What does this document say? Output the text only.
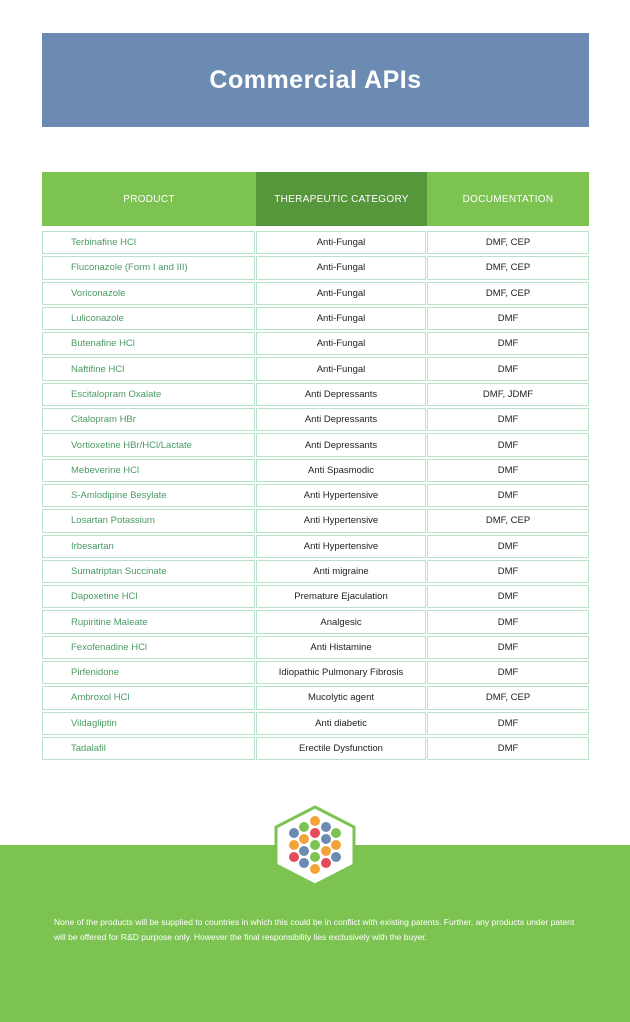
Commercial APIs
PRODUCT	THERAPEUTIC CATEGORY	DOCUMENTATION
Terbinafine HCl	Anti-Fungal	DMF, CEP
Fluconazole (Form I and III)	Anti-Fungal	DMF, CEP
Voriconazole	Anti-Fungal	DMF, CEP
Luliconazole	Anti-Fungal	DMF
Butenafine HCl	Anti-Fungal	DMF
Naftifine HCl	Anti-Fungal	DMF
Escitalopram Oxalate	Anti Depressants	DMF, JDMF
Citalopram HBr	Anti Depressants	DMF
Vortioxetine HBr/HCl/Lactate	Anti Depressants	DMF
Mebeverine HCl	Anti Spasmodic	DMF
S-Amlodipine Besylate	Anti Hypertensive	DMF
Losartan Potassium	Anti Hypertensive	DMF, CEP
Irbesartan	Anti Hypertensive	DMF
Sumatriptan Succinate	Anti migraine	DMF
Dapoxetine HCl	Premature Ejaculation	DMF
Rupiritine Maleate	Analgesic	DMF
Fexofenadine HCl	Anti Histamine	DMF
Pirfenidone	Idiopathic Pulmonary Fibrosis	DMF
Ambroxol HCl	Mucolytic agent	DMF, CEP
Vildagliptin	Anti diabetic	DMF
Tadalafil	Erectile Dysfunction	DMF

None of the products will be supplied to countries in which this could be in conflict with existing patents. Further, any products under patent will be offered for R&D purpose only. However the final responsibility lies exclusively with the buyer.
